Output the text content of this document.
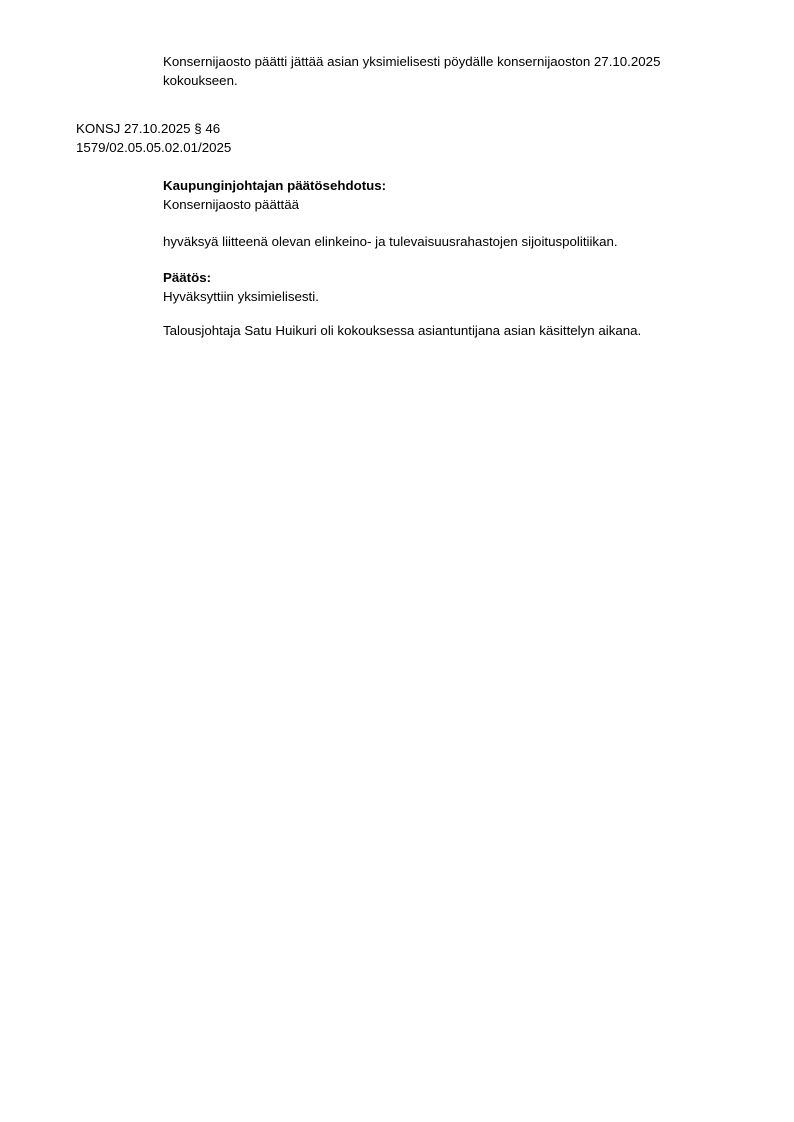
Konsernijaosto päätti jättää asian yksimielisesti pöydälle konsernijaoston 27.10.2025
kokoukseen.
KONSJ 27.10.2025 § 46
1579/02.05.05.02.01/2025
Kaupunginjohtajan päätösehdotus:
Konsernijaosto päättää
hyväksyä liitteenä olevan elinkeino- ja tulevaisuusrahastojen sijoituspolitiikan.
Päätös:
Hyväksyttiin yksimielisesti.
Talousjohtaja Satu Huikuri oli kokouksessa asiantuntijana asian käsittelyn aikana.
